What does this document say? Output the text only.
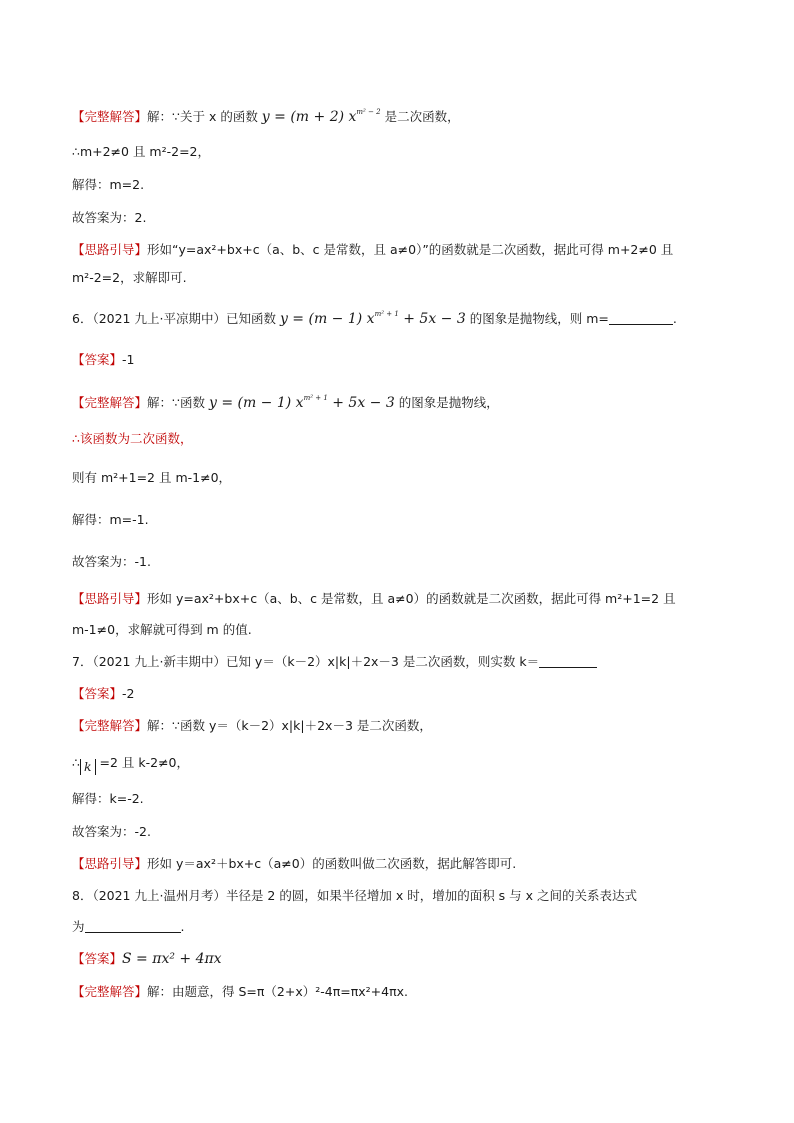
【完整解答】解：∵关于 x 的函数 y = (m + 2) $x^{m^2 - 2}$ 是二次函数，
∴m+2≠0 且 m²-2=2，
解得：m=2.
故答案为：2.
【思路引导】形如“y=ax²+bx+c（a、b、c 是常数，且 a≠0）”的函数就是二次函数，据此可得 m+2≠0 且
m²-2=2，求解即可.
6．（2021 九上·平凉期中）已知函数 y = (m − 1) $x^{m^2 + 1} + 5x - 3$ 的图象是抛物线，则 m=	.
【答案】-1
【完整解答】解：∵函数 y = (m − 1) $x^{m^2 + 1} + 5x - 3$ 的图象是抛物线，
∴该函数为二次函数，
则有 m²+1=2 且 m-1≠0，
解得：m=-1.
故答案为：-1.
【思路引导】形如 y=ax²+bx+c（a、b、c 是常数，且 a≠0）的函数就是二次函数，据此可得 m²+1=2 且
m-1≠0，求解就可得到 m 的值.
7．（2021 九上·新丰期中）已知 y＝（k－2）x|k|＋2x－3 是二次函数，则实数 k＝
【答案】-2
【完整解答】解：∵函数 y＝（k－2）x|k|＋2x－3 是二次函数，
∴ k =2 且 k-2≠0，
解得：k=-2.
故答案为：-2.
【思路引导】形如 y＝ax²＋bx+c（a≠0）的函数叫做二次函数，据此解答即可.
8．（2021 九上·温州月考）半径是 2 的圆，如果半径增加 x 时，增加的面积 s 与 x 之间的关系表达式
为	.
【答案】S = πx² + 4πx
【完整解答】解：由题意，得 S=π（2+x）²-4π=πx²+4πx.
